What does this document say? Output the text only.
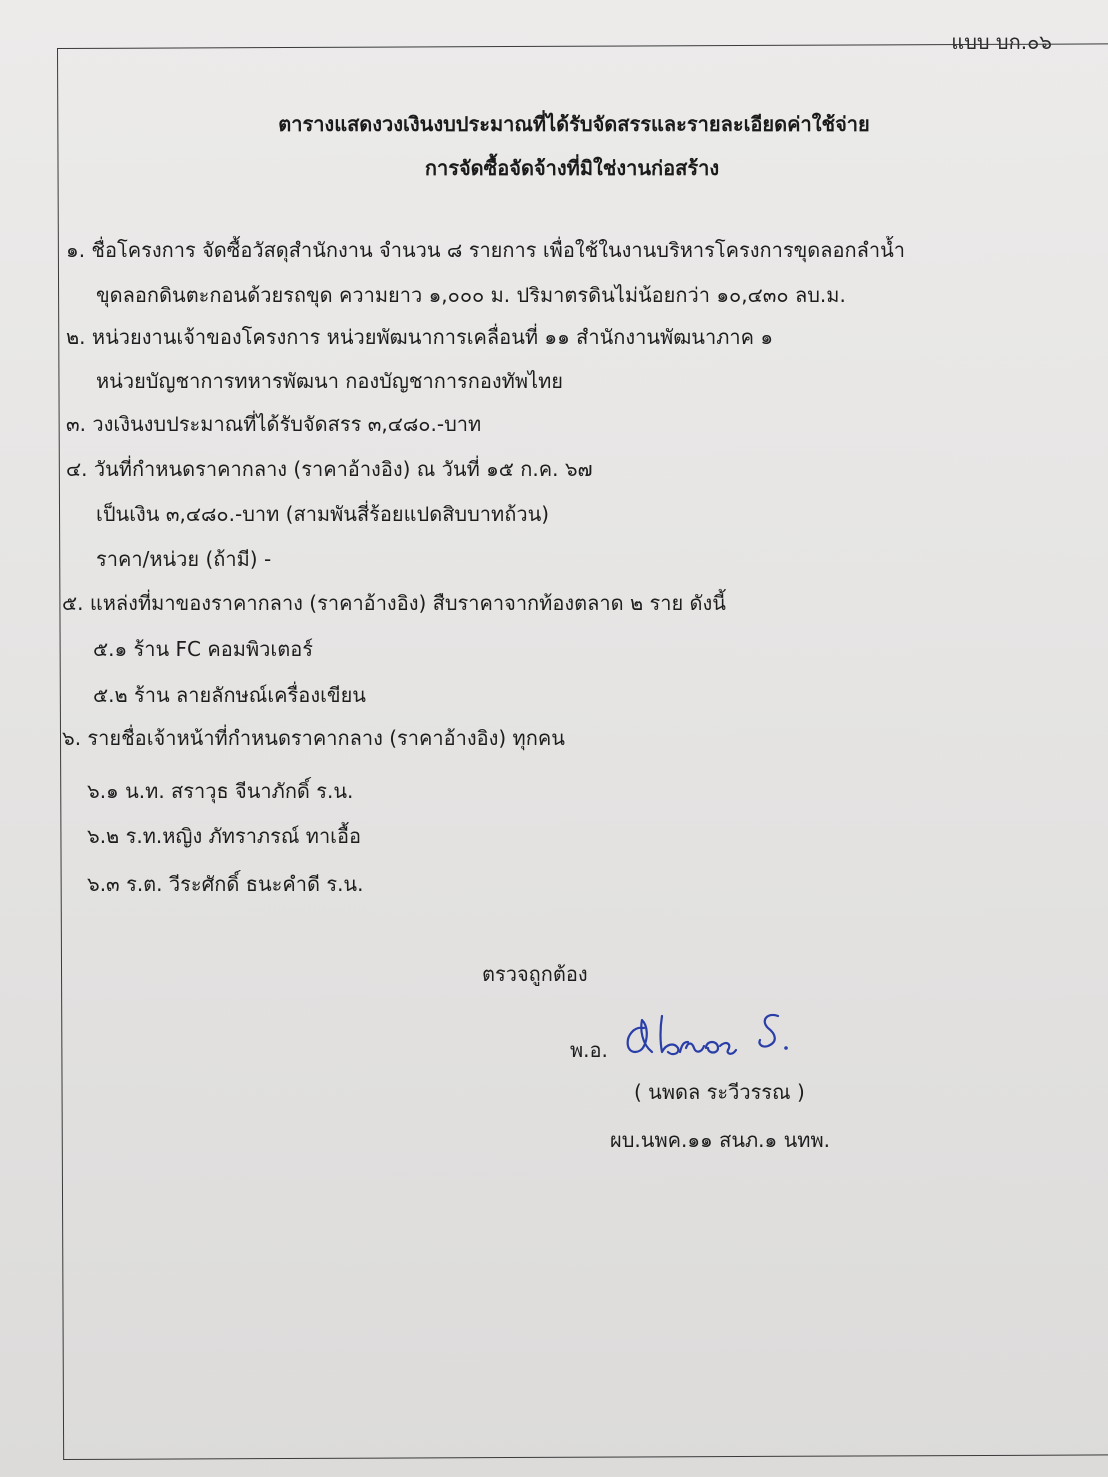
แบบ บก.๐๖
ตารางแสดงวงเงินงบประมาณที่ได้รับจัดสรรและรายละเอียดค่าใช้จ่าย
การจัดซื้อจัดจ้างที่มิใช่งานก่อสร้าง
๑. ชื่อโครงการ จัดซื้อวัสดุสำนักงาน จำนวน ๘ รายการ เพื่อใช้ในงานบริหารโครงการขุดลอกลำน้ำ
ขุดลอกดินตะกอนด้วยรถขุด ความยาว ๑,๐๐๐ ม. ปริมาตรดินไม่น้อยกว่า ๑๐,๔๓๐ ลบ.ม.
๒. หน่วยงานเจ้าของโครงการ หน่วยพัฒนาการเคลื่อนที่ ๑๑ สำนักงานพัฒนาภาค ๑
หน่วยบัญชาการทหารพัฒนา กองบัญชาการกองทัพไทย
๓. วงเงินงบประมาณที่ได้รับจัดสรร ๓,๔๘๐.-บาท
๔. วันที่กำหนดราคากลาง (ราคาอ้างอิง) ณ วันที่ ๑๕ ก.ค. ๖๗
เป็นเงิน ๓,๔๘๐.-บาท (สามพันสี่ร้อยแปดสิบบาทถ้วน)
ราคา/หน่วย (ถ้ามี) -
๕. แหล่งที่มาของราคากลาง (ราคาอ้างอิง) สืบราคาจากท้องตลาด ๒ ราย ดังนี้
๕.๑ ร้าน FC คอมพิวเตอร์
๕.๒ ร้าน ลายลักษณ์เครื่องเขียน
๖. รายชื่อเจ้าหน้าที่กำหนดราคากลาง (ราคาอ้างอิง) ทุกคน
๖.๑ น.ท. สราวุธ จีนาภักดิ์ ร.น.
๖.๒ ร.ท.หญิง ภัทราภรณ์ ทาเอื้อ
๖.๓ ร.ต. วีระศักดิ์ ธนะคำดี ร.น.
ตรวจถูกต้อง
พ.อ.
( นพดล ระวีวรรณ )
ผบ.นพค.๑๑ สนภ.๑ นทพ.
